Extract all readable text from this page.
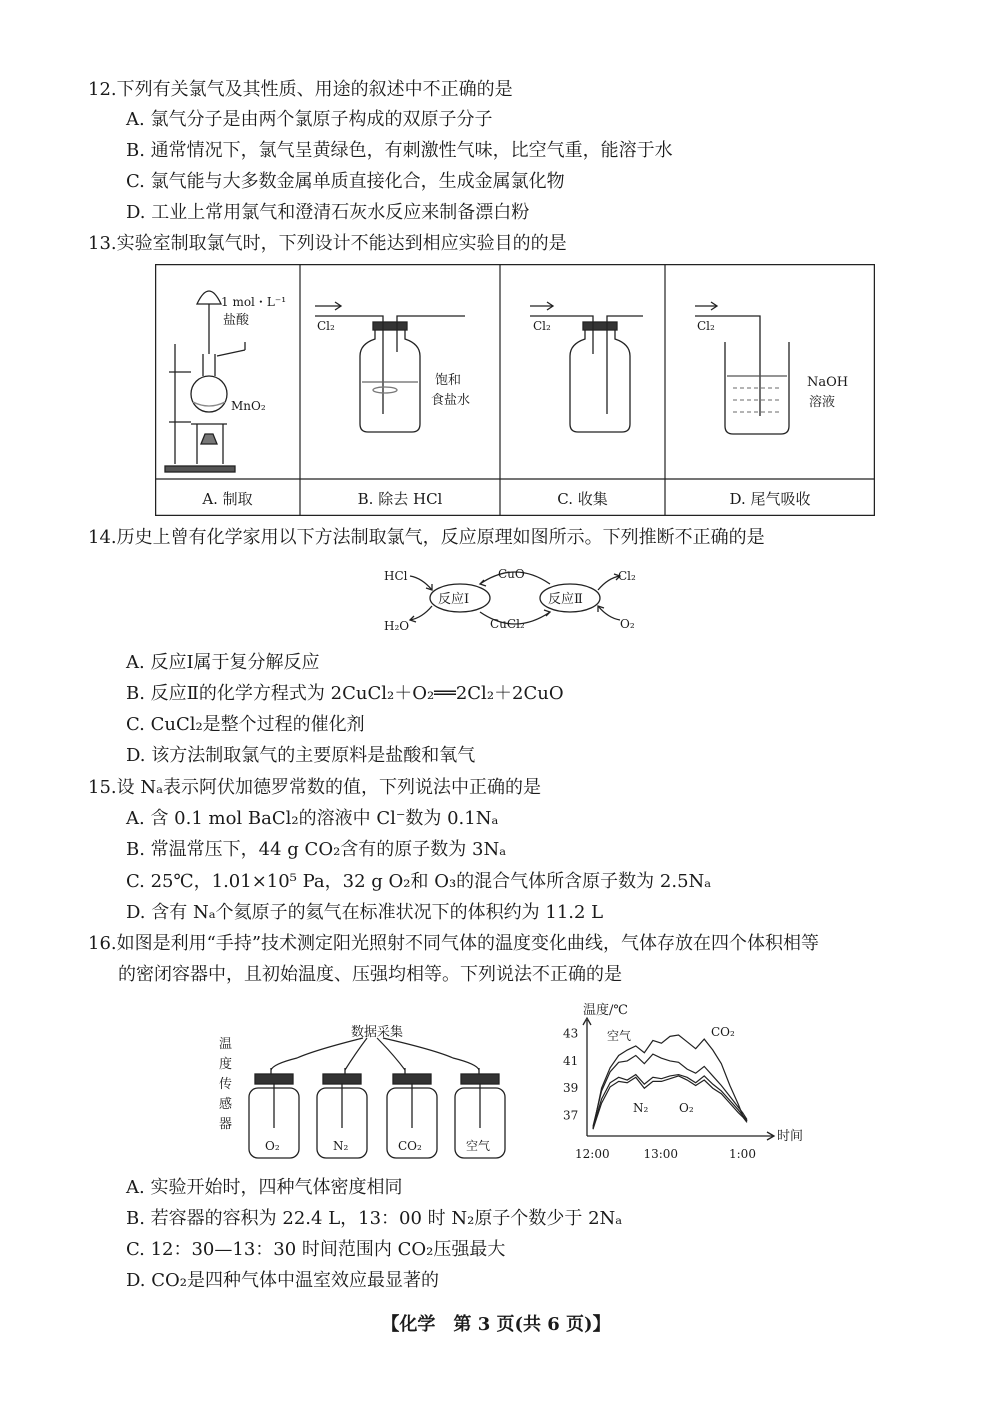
12.下列有关氯气及其性质、用途的叙述中不正确的是
A. 氯气分子是由两个氯原子构成的双原子分子
B. 通常情况下，氯气呈黄绿色，有刺激性气味，比空气重，能溶于水
C. 氯气能与大多数金属单质直接化合，生成金属氯化物
D. 工业上常用氯气和澄清石灰水反应来制备漂白粉
13.实验室制取氯气时，下列设计不能达到相应实验目的的是
1 mol・L⁻¹
盐酸
MnO₂
Cl₂
饱和
食盐水
Cl₂	Cl₂
NaOH
溶液
A. 制取	B. 除去 HCl	C. 收集	D. 尾气吸收
14.历史上曾有化学家用以下方法制取氯气，反应原理如图所示。下列推断不正确的是
HCl
H₂O
CuO
CuCl₂
Cl₂
O₂
反应Ⅰ	反应Ⅱ
A. 反应Ⅰ属于复分解反应
B. 反应Ⅱ的化学方程式为 2CuCl₂＋O₂══2Cl₂＋2CuO
C. CuCl₂是整个过程的催化剂
D. 该方法制取氯气的主要原料是盐酸和氧气
15.设 Nₐ表示阿伏加德罗常数的值，下列说法中正确的是
A. 含 0.1 mol BaCl₂的溶液中 Cl⁻数为 0.1Nₐ
B. 常温常压下，44 g CO₂含有的原子数为 3Nₐ
C. 25℃，1.01×10⁵ Pa，32 g O₂和 O₃的混合气体所含原子数为 2.5Nₐ
D. 含有 Nₐ个氦原子的氦气在标准状况下的体积约为 11.2 L
16.如图是利用“手持”技术测定阳光照射不同气体的温度变化曲线，气体存放在四个体积相等
的密闭容器中，且初始温度、压强均相等。下列说法不正确的是
数据采集
O₂	N₂	CO₂	空气
温
度
传
感
器
温度/℃
时间
37
39
41
43
12:00	13:00	1:00
CO₂
空气
N₂	O₂
A. 实验开始时，四种气体密度相同
B. 若容器的容积为 22.4 L，13：00 时 N₂原子个数少于 2Nₐ
C. 12：30—13：30 时间范围内 CO₂压强最大
D. CO₂是四种气体中温室效应最显著的
【化学　第 3 页(共 6 页)】
